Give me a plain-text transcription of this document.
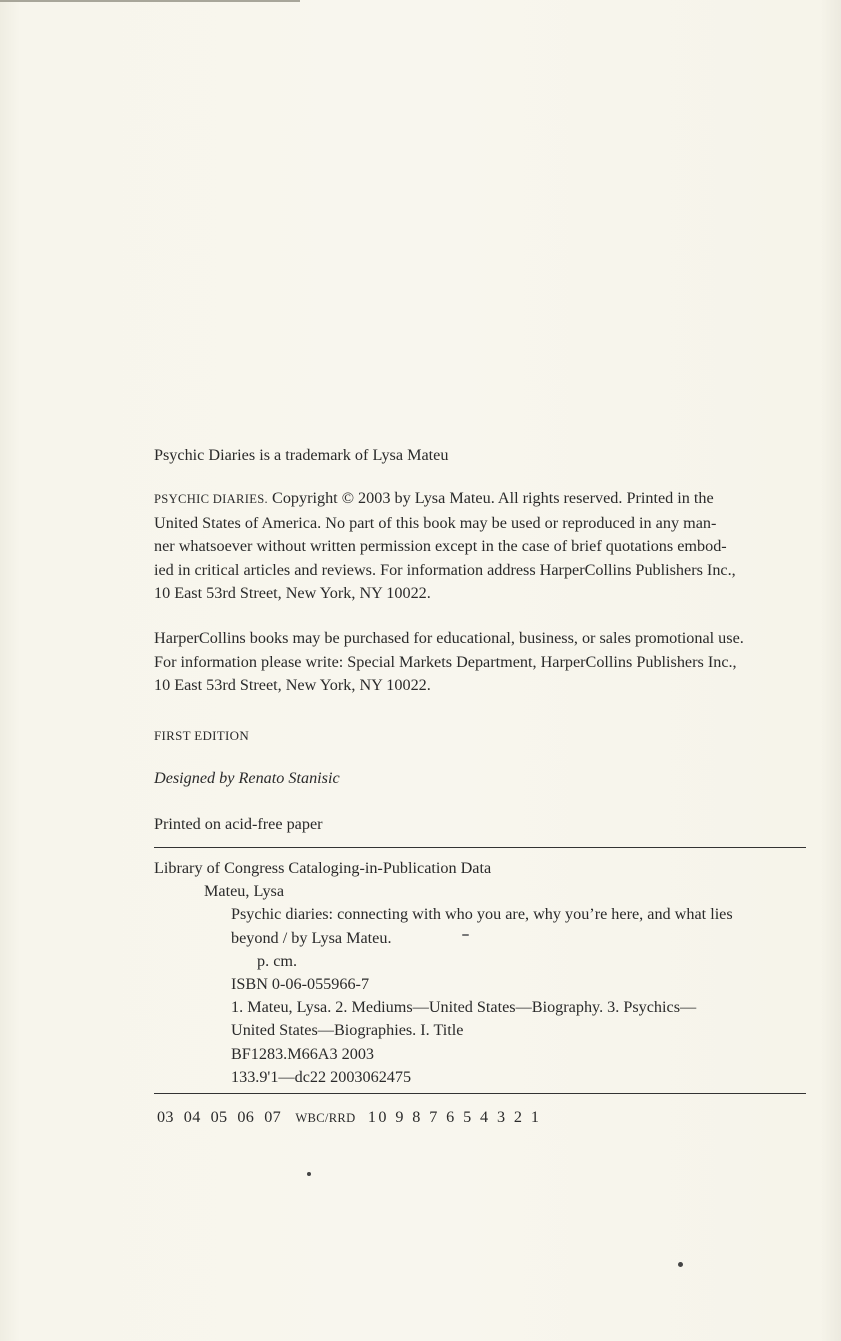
Psychic Diaries is a trademark of Lysa Mateu
PSYCHIC DIARIES. Copyright © 2003 by Lysa Mateu. All rights reserved. Printed in the
United States of America. No part of this book may be used or reproduced in any man-
ner whatsoever without written permission except in the case of brief quotations embod-
ied in critical articles and reviews. For information address HarperCollins Publishers Inc.,
10 East 53rd Street, New York, NY 10022.
HarperCollins books may be purchased for educational, business, or sales promotional use.
For information please write: Special Markets Department, HarperCollins Publishers Inc.,
10 East 53rd Street, New York, NY 10022.
FIRST EDITION
Designed by Renato Stanisic
Printed on acid-free paper
Library of Congress Cataloging-in-Publication Data
Mateu, Lysa
Psychic diaries: connecting with who you are, why you’re here, and what lies
beyond / by Lysa Mateu.
p. cm.
ISBN 0-06-055966-7
1. Mateu, Lysa. 2. Mediums—United States—Biography. 3. Psychics—
United States—Biographies. I. Title
BF1283.M66A3 2003
133.9'1—dc22 2003062475
03 04 05 06 07 WBC/RRD 10 9 8 7 6 5 4 3 2 1
